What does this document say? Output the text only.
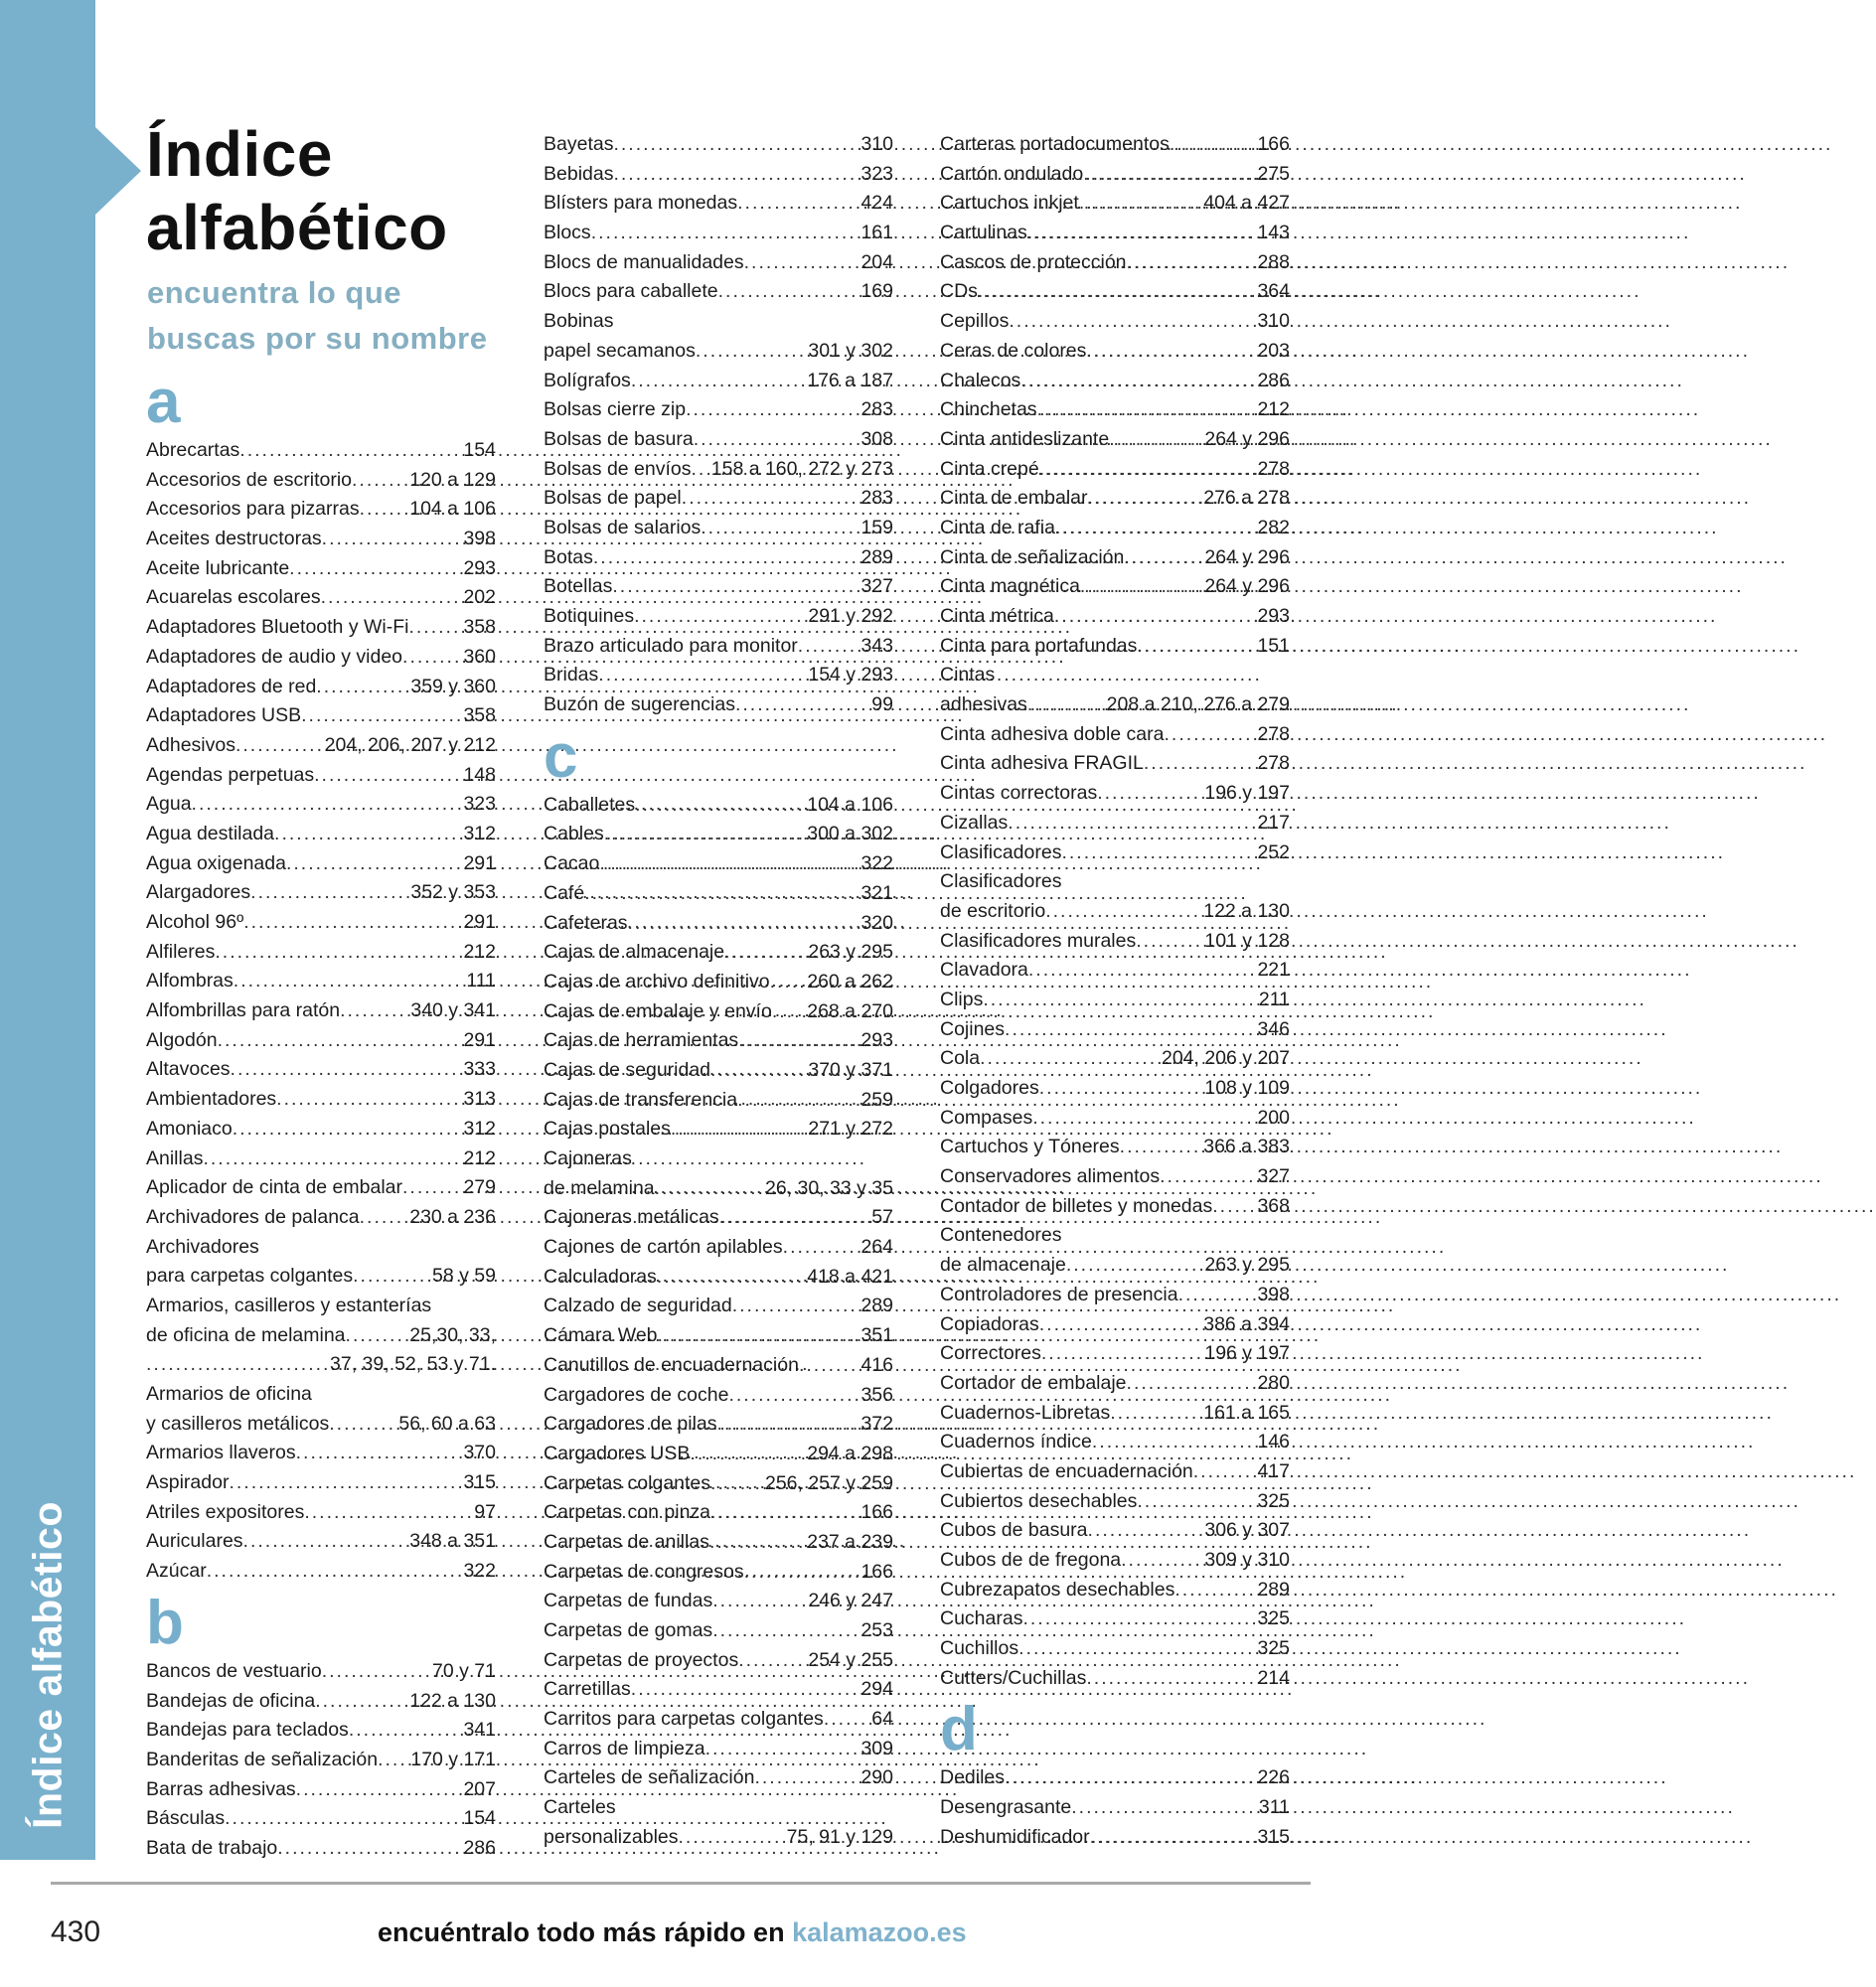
Índice alfabético
Índice
alfabético
encuentra lo que
buscas por su nombre
a
Abrecartas .....	154
Accesorios de escritorio .....	120 a 129
Accesorios para pizarras .....	104 a 106
Aceites destructoras .....	398
Aceite lubricante .....	293
Acuarelas escolares .....	202
Adaptadores Bluetooth y Wi-Fi .....	358
Adaptadores de audio y video .....	360
Adaptadores de red .....	359 y 360
Adaptadores USB .....	358
Adhesivos .....	204, 206, 207 y 212
Agendas perpetuas .....	148
Agua .....	323
Agua destilada .....	312
Agua oxigenada .....	291
Alargadores .....	352 y 353
Alcohol 96º .....	291
Alfileres .....	212
Alfombras .....	111
Alfombrillas para ratón .....	340 y 341
Algodón .....	291
Altavoces .....	333
Ambientadores .....	313
Amoniaco .....	312
Anillas .....	212
Aplicador de cinta de embalar .....	279
Archivadores de palanca .....	230 a 236
Archivadores
para carpetas colgantes .....	58 y 59
Armarios, casilleros y estanterías
de oficina de melamina .....	25,30, 33,
.....
37, 39, 52, 53 y 71.
Armarios de oficina
y casilleros metálicos .....	56, 60 a 63
Armarios llaveros .....	370
Aspirador .....	315
Atriles expositores .....	97
Auriculares .....	348 a 351
Azúcar .....	322
b
Bancos de vestuario .....	70 y 71
Bandejas de oficina .....	122 a 130
Bandejas para teclados .....	341
Banderitas de señalización ..... 170 y 171
Barras adhesivas .....	207
Básculas .....	154
Bata de trabajo .....	286
Bayetas .....	310
Bebidas .....	323
Blísters para monedas .....	424
Blocs .....	161
Blocs de manualidades .....	204
Blocs para caballete .....	169
Bobinas
papel secamanos .....	301 y 302
Bolígrafos .....	176 a 187
Bolsas cierre zip .....	283
Bolsas de basura .....	308
Bolsas de envíos ..... 158 a 160, 272 y 273
Bolsas de papel .....	283
Bolsas de salarios .....	159
Botas .....	289
Botellas .....	327
Botiquines .....	291 y 292
Brazo articulado para monitor .....	343
Bridas .....	154 y 293
Buzón de sugerencias .....	99
c
Caballetes .....	104 a 106
Cables .....	300 a 302
Cacao .....	322
Café .....	321
Cafeteras .....	320
Cajas de almacenaje .....	263 y 295
Cajas de archivo definitivo ..... 260 a 262
Cajas de embalaje y envío ..... 268 a 270
Cajas de herramientas .....	293
Cajas de seguridad .....	370 y 371
Cajas de transferencia .....	259
Cajas postales .....	271 y 272
Cajoneras
de melamina .....	26, 30, 33 y 35
Cajoneras metálicas .....	57
Cajones de cartón apilables .....	264
Calculadoras .....	418 a 421
Calzado de seguridad .....	289
Cámara Web .....	351
Canutillos de encuadernación .....	416
Cargadores de coche .....	356
Cargadores de pilas .....	372
Cargadores USB .....	294 a 298
Carpetas colgantes .....	256, 257 y 259
Carpetas con pinza .....	166
Carpetas de anillas .....	237 a 239
Carpetas de congresos .....	166
Carpetas de fundas .....	246 y 247
Carpetas de gomas .....	253
Carpetas de proyectos .....	254 y 255
Carretillas .....	294
Carritos para carpetas colgantes ..... 64
Carros de limpieza .....	309
Carteles de señalización .....	290
Carteles
personalizables .....	75, 91 y 129
Carteras portadocumentos .....	166
Cartón ondulado .....	275
Cartuchos inkjet .....	404 a 427
Cartulinas .....	143
Cascos de protección .....	288
CDs .....	364
Cepillos .....	310
Ceras de colores .....	203
Chalecos .....	286
Chinchetas .....	212
Cinta antideslizante .....	264 y 296
Cinta crepé .....	278
Cinta de embalar .....	276 a 278
Cinta de rafia .....	282
Cinta de señalización .....	264 y 296
Cinta magnética .....	264 y 296
Cinta métrica .....	293
Cinta para portafundas .....	151
Cintas
adhesivas .....	208 a 210, 276 a 279
Cinta adhesiva doble cara .....	278
Cinta adhesiva FRAGIL .....	278
Cintas correctoras .....	196 y 197
Cizallas .....	217
Clasificadores .....	252
Clasificadores
de escritorio .....	122 a 130
Clasificadores murales .....	101 y 128
Clavadora .....	221
Clips .....	211
Cojines .....	346
Cola .....	204, 206 y 207
Colgadores .....	108 y 109
Compases .....	200
Cartuchos y Tóneres .....	366 a 383
Conservadores alimentos .....	327
Contador de billetes y monedas ..... 368
Contenedores
de almacenaje .....	263 y 295
Controladores de presencia .....	398
Copiadoras .....	386 a 394
Correctores .....	196 y 197
Cortador de embalaje .....	280
Cuadernos-Libretas .....	161 a 165
Cuadernos índice .....	146
Cubiertas de encuadernación .....	417
Cubiertos desechables .....	325
Cubos de basura .....	306 y 307
Cubos de de fregona .....	309 y 310
Cubrezapatos desechables .....	289
Cucharas .....	325
Cuchillos .....	325
Cutters/Cuchillas .....	214
d
Dediles .....	226
Desengrasante .....	311
Deshumidificador .....	315
430	encuéntralo todo más rápido en kalamazoo.es
